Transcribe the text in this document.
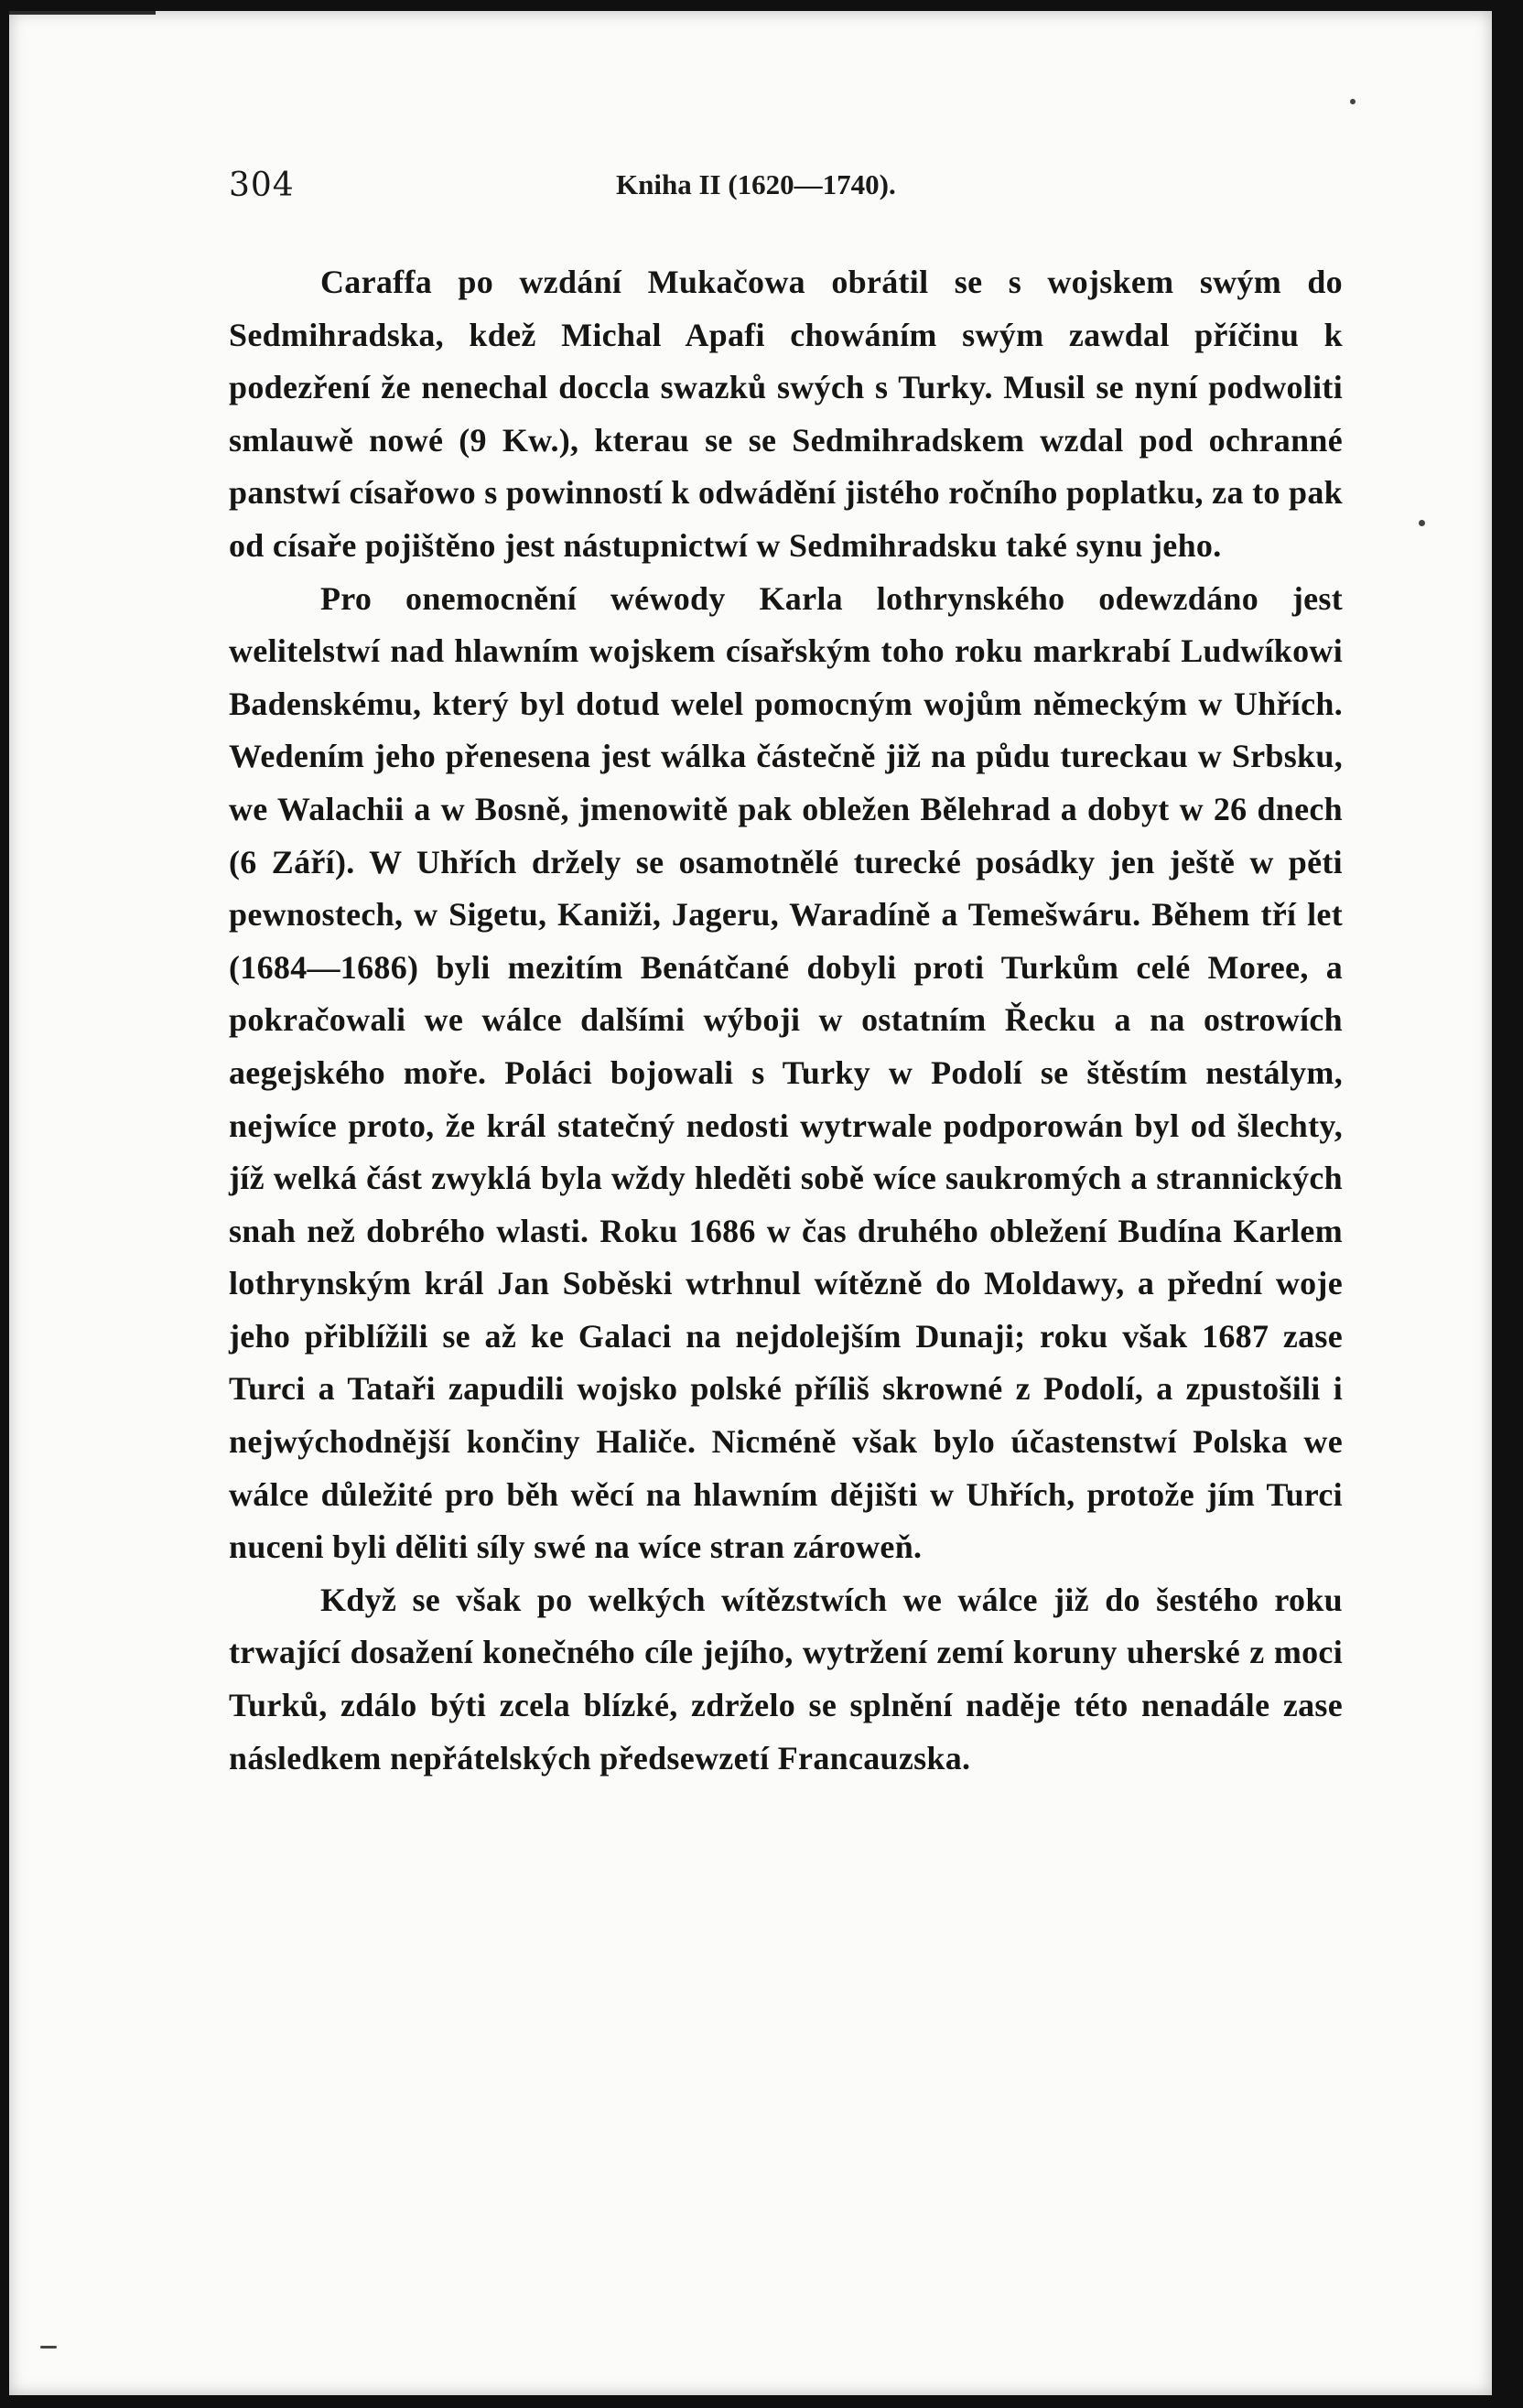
304	Kniha II (1620—1740).

Caraffa po wzdání Mukačowa obrátil se s wojskem swým do Sedmihradska, kdež Michal Apafi chowáním swým zawdal příčinu k podezření že nenechal doccla swazků swých s Turky. Musil se nyní podwoliti smlauwě nowé (9 Kw.), kterau se se Sedmihradskem wzdal pod ochranné panstwí císařowo s powinností k odwádění jistého ročního poplatku, za to pak od císaře pojištěno jest nástupnictwí w Sedmihradsku také synu jeho.

Pro onemocnění wéwody Karla lothrynského odewzdáno jest welitelstwí nad hlawním wojskem císařským toho roku markrabí Ludwíkowi Badenskému, který byl dotud welel pomocným wojům německým w Uhřích. Wedením jeho přenesena jest wálka částečně již na půdu tureckau w Srbsku, we Walachii a w Bosně, jmenowitě pak obležen Bělehrad a dobyt w 26 dnech (6 Září). W Uhřích držely se osamotnělé turecké posádky jen ještě w pěti pewnostech, w Sigetu, Kaniži, Jageru, Waradíně a Temešwáru. Během tří let (1684—1686) byli mezitím Benátčané dobyli proti Turkům celé Moree, a pokračowali we wálce dalšími wýboji w ostatním Řecku a na ostrowích aegejského moře. Poláci bojowali s Turky w Podolí se štěstím nestálym, nejwíce proto, že král statečný nedosti wytrwale podporowán byl od šlechty, jíž welká část zwyklá byla wždy hleděti sobě wíce saukromých a strannických snah než dobrého wlasti. Roku 1686 w čas druhého obležení Budína Karlem lothrynským král Jan Soběski wtrhnul wítězně do Moldawy, a přední woje jeho přiblížili se až ke Galaci na nejdolejším Dunaji; roku však 1687 zase Turci a Tataři zapudili wojsko polské příliš skrowné z Podolí, a zpustošili i nejwýchodnější končiny Haliče. Nicméně však bylo účastenstwí Polska we wálce důležité pro běh wěcí na hlawním dějišti w Uhřích, protože jím Turci nuceni byli děliti síly swé na wíce stran zároweň.

Když se však po welkých wítězstwích we wálce již do šestého roku trwající dosažení konečného cíle jejího, wytržení zemí koruny uherské z moci Turků, zdálo býti zcela blízké, zdrželo se splnění naděje této nenadále zase následkem nepřátelských předsewzetí Francauzska.
